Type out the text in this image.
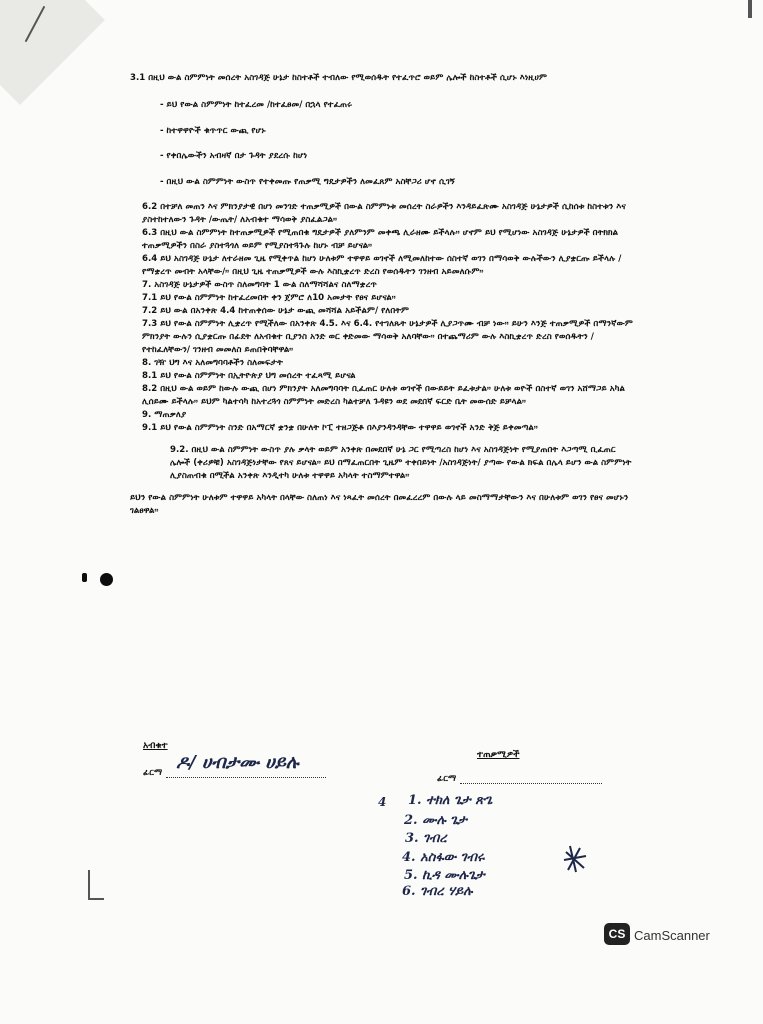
3.1 በዚህ ውል ስምምነት መሰረት አስገዳጅ ሁኔታ ከስተቶች ተብለው የሚወሰዱት የተፈጥሮ ወይም ሌሎች ከስተቶች ሲሆኑ እነዚሀም

- ይህ የውል ስምምነት ከተፈረመ /ከተፈፀመ/ በኋላ የተፈጠሩ

- ከተዋዋዮች ቁጥጥር ውጪ የሆኑ

- የቀበሌውችን አብዛኛ በታ ጉዳት ያደረሱ ከሆነ

- በዚህ ውል ስምምነት ውስጥ የተቀመጡ የጠቃሚ ግዴታዎችን ለመፈጸም አስቸጋሪ ሆኖ ሲገኝ

6.2 በተቻለ መጠን እና ምክንያታዊ በሆነ መንገድ ተጠቃሚዎች በውል ስምምነቱ መሰረት ስራዎችን እንዳይፈጽሙ አስገዳጅ ሁኔታዎች ሲከሰቱ ከስተቱን እና ያስተከተለውን ጉዳት /ውጤት/ ለአብቁተ ማሳወቅ ያስፈልጋል።

6.3 በዚህ ውል ስምምነት ከተጠቃሚዎች የሚጠበቁ ግዴታዎች ያለምንም መቀጫ ሊራዘሙ ይችላሉ። ሆኖም ይህ የሚሆነው አስገዳጅ ሁኔታዎች በትክክል ተጠቃሚዎችን በስራ ያስተጓጎለ ወይም የሚያስተጓጉሉ ከሆኑ ብቻ ይሆናል።

6.4 ይህ አስገዳጅ ሁኔታ ለተራዘመ ጊዜ የሚቀጥል ከሆነ ሁለቱም ተዋዋይ ወገኖች ለሚመለከተው ሰስተኛ ወገን በማሳወቅ ውሉችውን ሊያቋርጡ ይችላሉ /የማቋረጥ መብት አላቸው/። በዚህ ጊዜ ተጠቃሚዎች ውሉ እስኪቋረጥ ድረስ የወሰዱትን ገንዘብ አይመለሱም።

7. አስገዳጅ ሁኔታዎች ውስጥ ስለመግባት 1 ውል ስለማሻሻልና ስለማቋረጥ

7.1 ይህ የውል ስምምነት ከተፈረመበት ቀን ጀምሮ ለ10 አመታት የፀና ይሆናል።

7.2 ይህ ውል በአንቀጽ 4.4 ከተጠቀሰው ሁኔታ ውጪ መሻሻል አይችልም/ የለበትም

7.3 ይህ የውል ስምምነት ሊቋረጥ የሚችለው በአንቀጽ 4.5. እና 6.4. የተገለጹት ሁኔታዎች ሊያጋጥሙ ብቻ ነው። ይሁን እንጅ ተጠቃሚዎች በማንኛውም ምክንያት ውሉን ሲያቋርጡ በፊደት ለአብቁተ ቢያንስ አንድ ወር ቀድመው ማሳወቅ አለባቸው። በተጨማሪም ውሉ እስኪቋረጥ ድረስ የወሰዱትን /የተከፈለቸውን/ ገንዘብ መመለስ ይጠበቅባቸዋል።

8. ገዥ ህግ እና አለመግባባቶችን ስለመፍታት

8.1 ይህ የውል ስምምነት በኢትዮጵያ ህግ መሰረት ተፈጻሚ ይሆናል

8.2 በዚህ ውል ወይም ከውሉ ውጪ በሆነ ምክንያት አለመግባባት ቢፈጠር ሁለቱ ወገኖች በውይይት ይፈቱታል። ሁለቱ ወዮች በስተኛ ወገን አሸማጋይ አካል ሊሰይሙ ይችላሉ። ይህም ካልተሳካ ከአተረጓጎ ስምምነት መድረስ ካልተቻለ ጉዳዩን ወደ መደበኛ ፍርድ ቤት መውሰድ ይቻላል።

9. ማጠቃለያ

9.1 ይህ የውል ስምምነት ስንድ በአማርኛ ቋንቋ በሁለት ኮፒ ተዘጋጅቶ በእያንዳንዳቸው ተዋዋይ ወገኖች አንድ ቅጅ ይቀመጣል።

9.2. በዚህ ውል ስምምነት ውስጥ ያሉ ቃላት ወይም አንቀጽ በመደበኛ ሁኔ ጋር የሚጣረስ ከሆነ እና አስገዳጅነት የሚያጠበት እጋጣሚ ቢፈጠር ሌሎች (ቀሪዎቹ) አስገዳጅነታቸው የጸና ይሆናል። ይህ በማፈጠርበት ጊዜም ተቀበይነት /አስገዳጅነት/ ያጣው የውል ክፍል በሌላ ይሆን ውል ስምምነት ሊያስጠብቁ በሚችል አንቀጽ እንዲተካ ሁለቱ ተዋዋይ አካላት ተስማምተዋል።

ይህን የውል ስምምነት ሁለቱም ተዋዋይ አካላት በላቸው ስለጠነ እና ነጻፈት መሰረት በመፈረረም በውሉ ላይ መስማማታቸውን እና በሁለቱም ወገን የፀና መሆኑን ገልፀዋል።

አብቁተ
ፊርማ ዶ/ ሀብታሙ ሀይሉ	ተጠቃሚዎች
ፊርማ
4 1. ተክለ ጌታ ጽጌ
2. ሙሉ ጌታ
3. ገብረ
4. አስፋው ገብሩ
5. ኪዳ ሙሉጌታ
6. ገብረ ሃይሉ
CS CamScanner
